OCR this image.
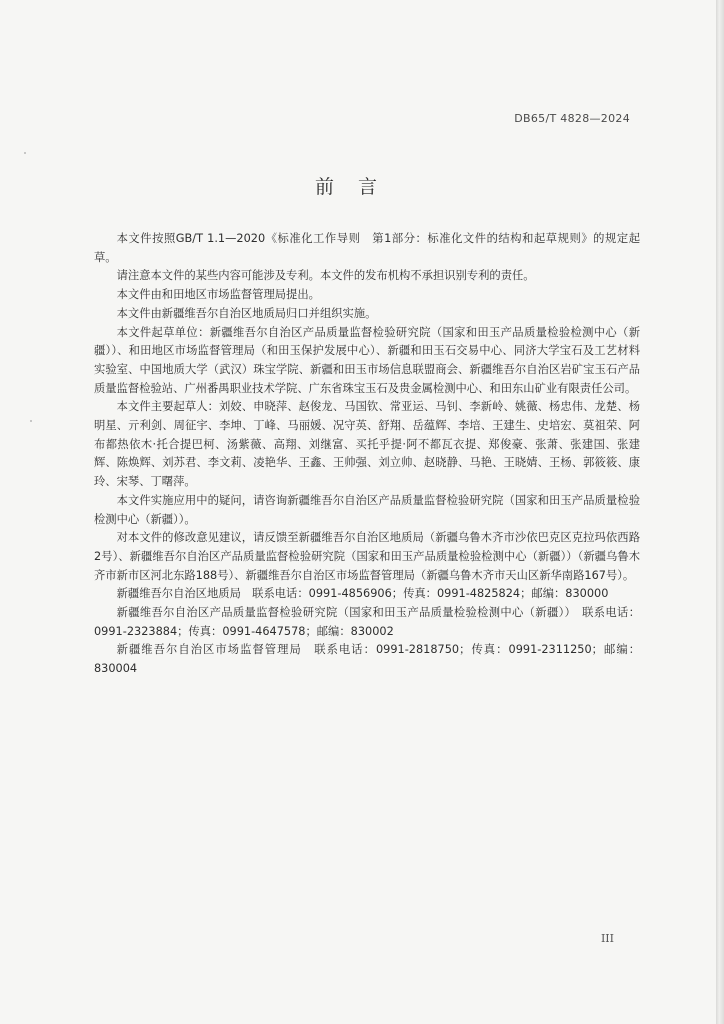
DB65/T 4828—2024
前言

本文件按照GB/T 1.1—2020《标准化工作导则　第1部分：标准化文件的结构和起草规则》的规定起草。

请注意本文件的某些内容可能涉及专利。本文件的发布机构不承担识别专利的责任。

本文件由和田地区市场监督管理局提出。

本文件由新疆维吾尔自治区地质局归口并组织实施。

本文件起草单位：新疆维吾尔自治区产品质量监督检验研究院（国家和田玉产品质量检验检测中心（新疆））、和田地区市场监督管理局（和田玉保护发展中心）、新疆和田玉石交易中心、同济大学宝石及工艺材料实验室、中国地质大学（武汉）珠宝学院、新疆和田玉市场信息联盟商会、新疆维吾尔自治区岩矿宝玉石产品质量监督检验站、广州番禺职业技术学院、广东省珠宝玉石及贵金属检测中心、和田东山矿业有限责任公司。

本文件主要起草人：刘姣、申晓萍、赵俊龙、马国钦、常亚运、马钊、李新岭、姚薇、杨忠伟、龙楚、杨明星、亓利剑、周征宇、李坤、丁峰、马丽媛、况守英、舒翔、岳蕴辉、李培、王建生、史培宏、莫祖荣、阿布都热依木·托合提巴柯、汤紫薇、高翔、刘继富、买托乎提·阿不都瓦衣提、郑俊豪、张萧、张建国、张建辉、陈焕辉、刘苏君、李文莉、凌艳华、王鑫、王帅强、刘立帅、赵晓静、马艳、王晓婧、王杨、郭筱筱、康玲、宋琴、丁曙萍。

本文件实施应用中的疑问，请咨询新疆维吾尔自治区产品质量监督检验研究院（国家和田玉产品质量检验检测中心（新疆））。

对本文件的修改意见建议，请反馈至新疆维吾尔自治区地质局（新疆乌鲁木齐市沙依巴克区克拉玛依西路2号）、新疆维吾尔自治区产品质量监督检验研究院（国家和田玉产品质量检验检测中心（新疆））（新疆乌鲁木齐市新市区河北东路188号）、新疆维吾尔自治区市场监督管理局（新疆乌鲁木齐市天山区新华南路167号）。

新疆维吾尔自治区地质局　联系电话：0991-4856906；传真：0991-4825824；邮编：830000

新疆维吾尔自治区产品质量监督检验研究院（国家和田玉产品质量检验检测中心（新疆））　联系电话：0991-2323884；传真：0991-4647578；邮编：830002

新疆维吾尔自治区市场监督管理局　联系电话：0991-2818750；传真：0991-2311250；邮编：830004

III
